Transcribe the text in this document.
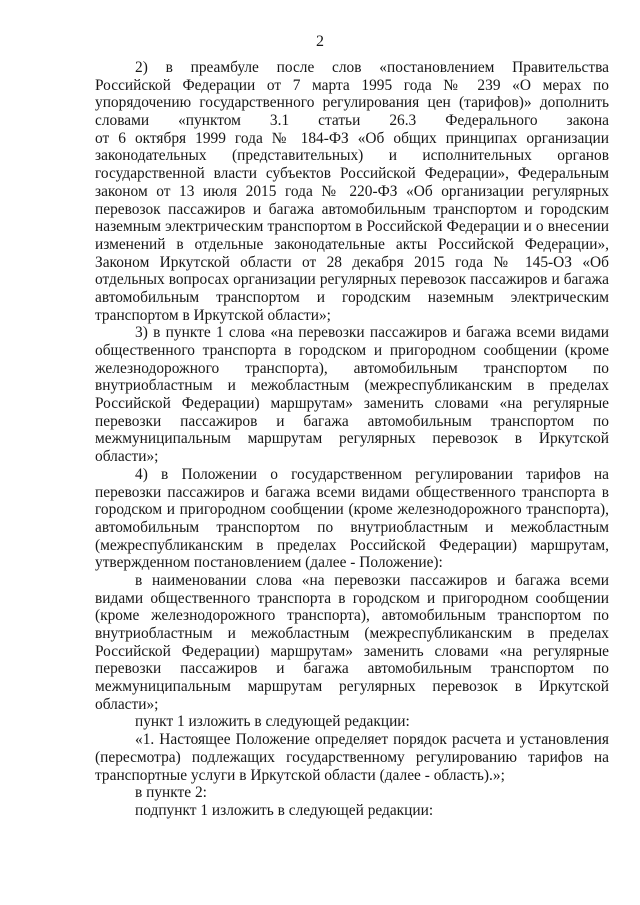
2
2) в преамбуле после слов «постановлением Правительства
Российской Федерации от 7 марта 1995 года № 239 «О мерах по
упорядочению государственного регулирования цен (тарифов)» дополнить
словами «пунктом 3.1 статьи 26.3 Федерального закона
от 6 октября 1999 года № 184-ФЗ «Об общих принципах организации
законодательных (представительных) и исполнительных органов
государственной власти субъектов Российской Федерации», Федеральным
законом от 13 июля 2015 года № 220-ФЗ «Об организации регулярных
перевозок пассажиров и багажа автомобильным транспортом и городским
наземным электрическим транспортом в Российской Федерации и о внесении
изменений в отдельные законодательные акты Российской Федерации»,
Законом Иркутской области от 28 декабря 2015 года № 145-ОЗ «Об
отдельных вопросах организации регулярных перевозок пассажиров и багажа
автомобильным транспортом и городским наземным электрическим
транспортом в Иркутской области»;
3) в пункте 1 слова «на перевозки пассажиров и багажа всеми видами
общественного транспорта в городском и пригородном сообщении (кроме
железнодорожного транспорта), автомобильным транспортом по
внутриобластным и межобластным (межреспубликанским в пределах
Российской Федерации) маршрутам» заменить словами «на регулярные
перевозки пассажиров и багажа автомобильным транспортом по
межмуниципальным маршрутам регулярных перевозок в Иркутской
области»;
4) в Положении о государственном регулировании тарифов на
перевозки пассажиров и багажа всеми видами общественного транспорта в
городском и пригородном сообщении (кроме железнодорожного транспорта),
автомобильным транспортом по внутриобластным и межобластным
(межреспубликанским в пределах Российской Федерации) маршрутам,
утвержденном постановлением (далее - Положение):
в наименовании слова «на перевозки пассажиров и багажа всеми
видами общественного транспорта в городском и пригородном сообщении
(кроме железнодорожного транспорта), автомобильным транспортом по
внутриобластным и межобластным (межреспубликанским в пределах
Российской Федерации) маршрутам» заменить словами «на регулярные
перевозки пассажиров и багажа автомобильным транспортом по
межмуниципальным маршрутам регулярных перевозок в Иркутской
области»;
пункт 1 изложить в следующей редакции:
«1. Настоящее Положение определяет порядок расчета и установления
(пересмотра) подлежащих государственному регулированию тарифов на
транспортные услуги в Иркутской области (далее - область).»;
в пункте 2:
подпункт 1 изложить в следующей редакции:
